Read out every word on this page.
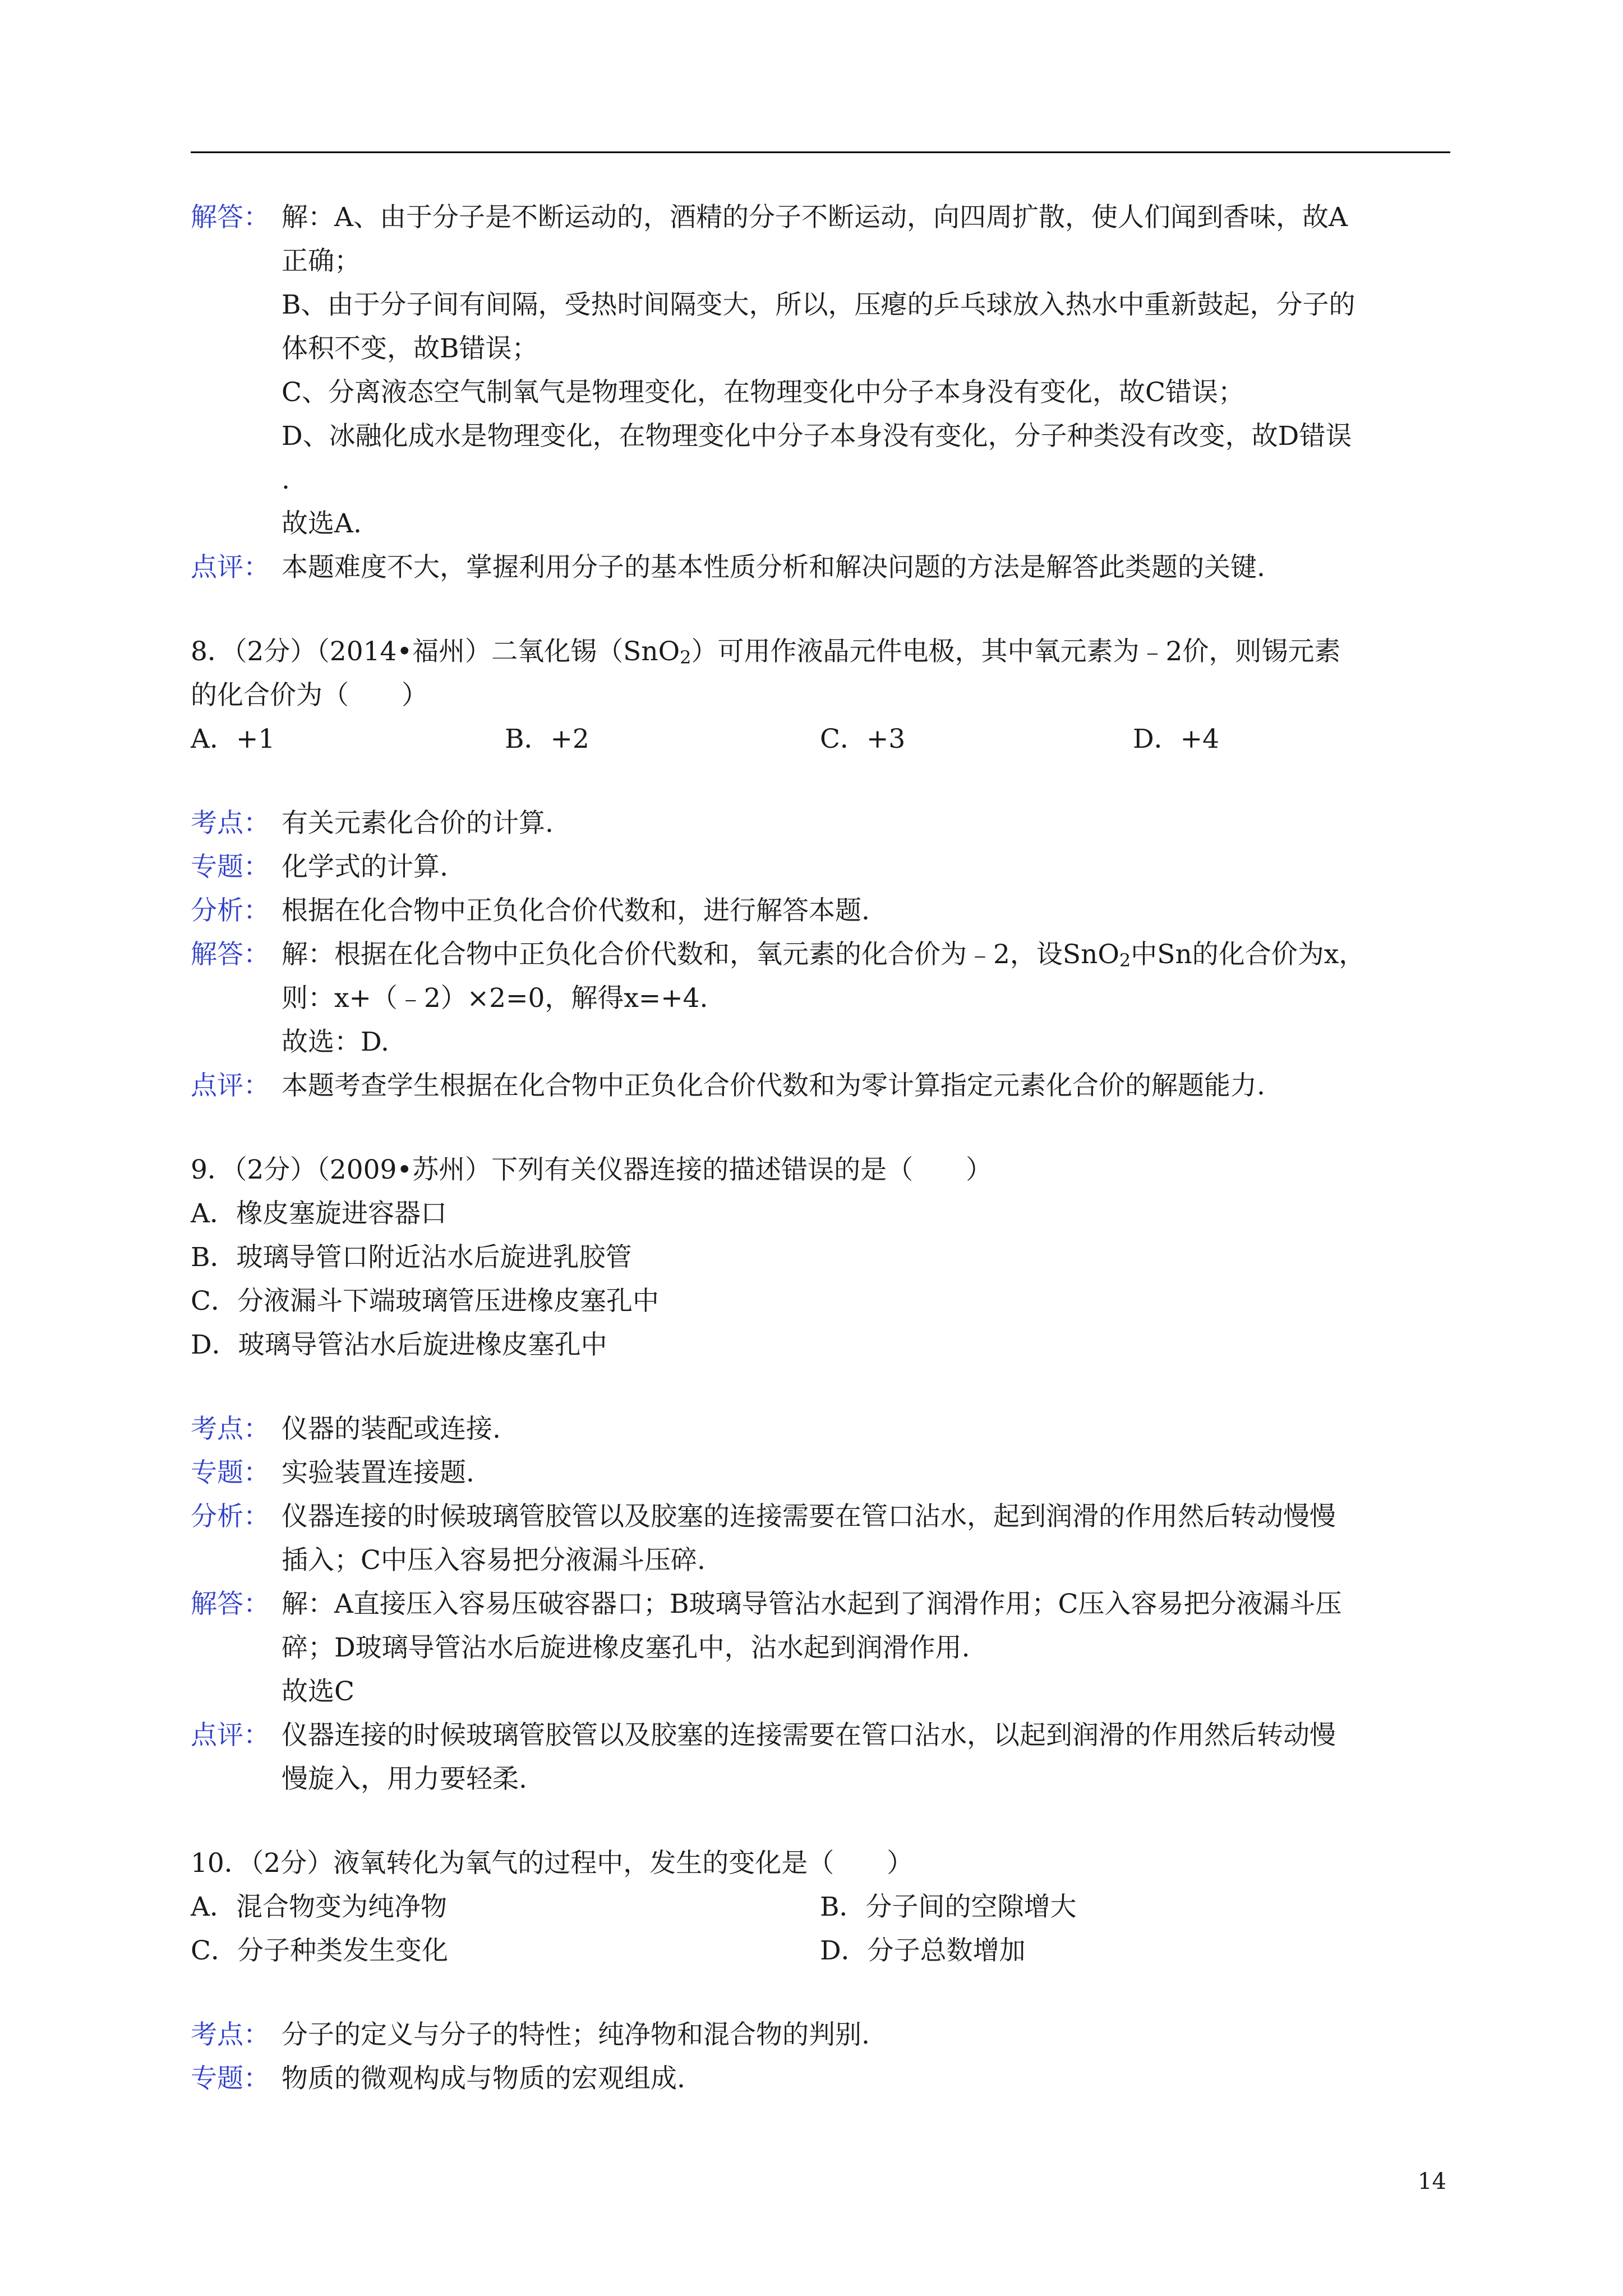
解答： 解：A、由于分子是不断运动的，酒精的分子不断运动，向四周扩散，使人们闻到香味，故A
正确；
B、由于分子间有间隔，受热时间隔变大，所以，压瘪的乒乓球放入热水中重新鼓起，分子的
体积不变，故B错误；
C、分离液态空气制氧气是物理变化，在物理变化中分子本身没有变化，故C错误；
D、冰融化成水是物理变化，在物理变化中分子本身没有变化，分子种类没有改变，故D错误
.
故选A.
点评： 本题难度不大，掌握利用分子的基本性质分析和解决问题的方法是解答此类题的关键.
8．（2分）（2014•福州）二氧化锡（SnO$_2$）可用作液晶元件电极，其中氧元素为﹣2价，则锡元素
的化合价为（　　）
A．+1	B．+2	C．+3	D．+4
考点： 有关元素化合价的计算.
专题： 化学式的计算.
分析： 根据在化合物中正负化合价代数和，进行解答本题.
解答： 解：根据在化合物中正负化合价代数和，氧元素的化合价为﹣2，设SnO$_2$中Sn的化合价为x，
则：x+（﹣2）×2=0，解得x=+4.
故选：D.
点评： 本题考查学生根据在化合物中正负化合价代数和为零计算指定元素化合价的解题能力.
9．（2分）（2009•苏州）下列有关仪器连接的描述错误的是（　　）
A．橡皮塞旋进容器口
B．玻璃导管口附近沾水后旋进乳胶管
C．分液漏斗下端玻璃管压进橡皮塞孔中
D．玻璃导管沾水后旋进橡皮塞孔中
考点： 仪器的装配或连接.
专题： 实验装置连接题.
分析： 仪器连接的时候玻璃管胶管以及胶塞的连接需要在管口沾水，起到润滑的作用然后转动慢慢
插入；C中压入容易把分液漏斗压碎.
解答： 解：A直接压入容易压破容器口；B玻璃导管沾水起到了润滑作用；C压入容易把分液漏斗压
碎；D玻璃导管沾水后旋进橡皮塞孔中，沾水起到润滑作用.
故选C
点评： 仪器连接的时候玻璃管胶管以及胶塞的连接需要在管口沾水，以起到润滑的作用然后转动慢
慢旋入，用力要轻柔.
10．（2分）液氧转化为氧气的过程中，发生的变化是（　　）
A．混合物变为纯净物	B．分子间的空隙增大
C．分子种类发生变化	D．分子总数增加
考点： 分子的定义与分子的特性；纯净物和混合物的判别.
专题： 物质的微观构成与物质的宏观组成.
14
